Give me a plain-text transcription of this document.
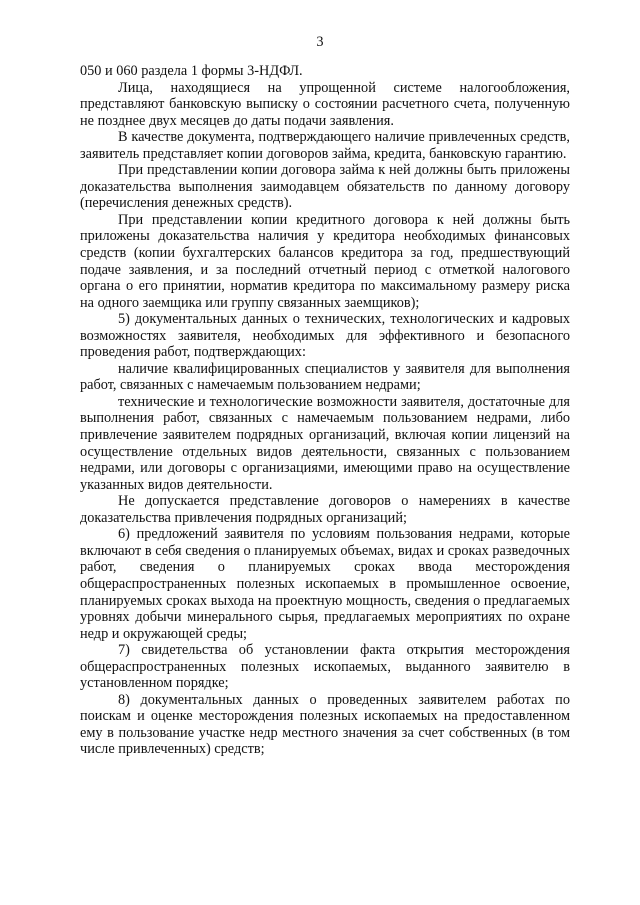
3

050 и 060 раздела 1 формы 3-НДФЛ.

Лица, находящиеся на упрощенной системе налогообложения, представляют банковскую выписку о состоянии расчетного счета, полученную не позднее двух месяцев до даты подачи заявления.

В качестве документа, подтверждающего наличие привлеченных средств, заявитель представляет копии договоров займа, кредита, банковскую гарантию.

При представлении копии договора займа к ней должны быть приложены доказательства выполнения заимодавцем обязательств по данному договору (перечисления денежных средств).

При представлении копии кредитного договора к ней должны быть приложены доказательства наличия у кредитора необходимых финансовых средств (копии бухгалтерских балансов кредитора за год, предшествующий подаче заявления, и за последний отчетный период с отметкой налогового органа о его принятии, норматив кредитора по максимальному размеру риска на одного заемщика или группу связанных заемщиков);

5) документальных данных о технических, технологических и кадровых возможностях заявителя, необходимых для эффективного и безопасного проведения работ, подтверждающих:

наличие квалифицированных специалистов у заявителя для выполнения работ, связанных с намечаемым пользованием недрами;

технические и технологические возможности заявителя, достаточные для выполнения работ, связанных с намечаемым пользованием недрами, либо привлечение заявителем подрядных организаций, включая копии лицензий на осуществление отдельных видов деятельности, связанных с пользованием недрами, или договоры с организациями, имеющими право на осуществление указанных видов деятельности.

Не допускается представление договоров о намерениях в качестве доказательства привлечения подрядных организаций;

6) предложений заявителя по условиям пользования недрами, которые включают в себя сведения о планируемых объемах, видах и сроках разведочных работ, сведения о планируемых сроках ввода месторождения общераспространенных полезных ископаемых в промышленное освоение, планируемых сроках выхода на проектную мощность, сведения о предлагаемых уровнях добычи минерального сырья, предлагаемых мероприятиях по охране недр и окружающей среды;

7) свидетельства об установлении факта открытия месторождения общераспространенных полезных ископаемых, выданного заявителю в установленном порядке;

8) документальных данных о проведенных заявителем работах по поискам и оценке месторождения полезных ископаемых на предоставленном ему в пользование участке недр местного значения за счет собственных (в том числе привлеченных) средств;
